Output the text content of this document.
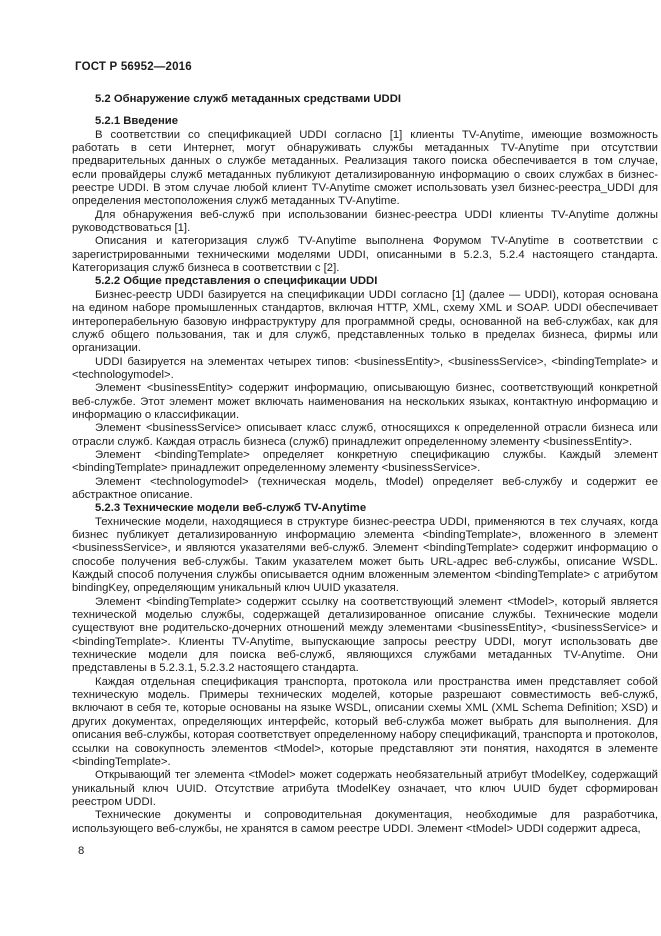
ГОСТ Р 56952—2016
5.2 Обнаружение служб метаданных средствами UDDI
5.2.1 Введение

В соответствии со спецификацией UDDI согласно [1] клиенты TV-Anytime, имеющие возможность работать в сети Интернет, могут обнаруживать службы метаданных TV-Anytime при отсутствии предварительных данных о службе метаданных. Реализация такого поиска обеспечивается в том случае, если провайдеры служб метаданных публикуют детализированную информацию о своих службах в бизнес-реестре UDDI. В этом случае любой клиент TV-Anytime сможет использовать узел бизнес-реестра_UDDI для определения местоположения служб метаданных TV-Anytime.

Для обнаружения веб-служб при использовании бизнес-реестра UDDI клиенты TV-Anytime должны руководствоваться [1].

Описания и категоризация служб TV-Anytime выполнена Форумом TV-Anytime в соответствии с зарегистрированными техническими моделями UDDI, описанными в 5.2.3, 5.2.4 настоящего стандарта. Категоризация служб бизнеса в соответствии с [2].

5.2.2 Общие представления о спецификации UDDI

Бизнес-реестр UDDI базируется на спецификации UDDI согласно [1] (далее — UDDI), которая основана на едином наборе промышленных стандартов, включая HTTP, XML, схему XML и SOAP. UDDI обеспечивает интероперабельную базовую инфраструктуру для программной среды, основанной на веб-службах, как для служб общего пользования, так и для служб, представленных только в пределах бизнеса, фирмы или организации.

UDDI базируется на элементах четырех типов: <businessEntity>, <businessService>, <bindingTemplate> и <technologymodel>.

Элемент <businessEntity> содержит информацию, описывающую бизнес, соответствующий конкретной веб-службе. Этот элемент может включать наименования на нескольких языках, контактную информацию и информацию о классификации.

Элемент <businessService> описывает класс служб, относящихся к определенной отрасли бизнеса или отрасли служб. Каждая отрасль бизнеса (служб) принадлежит определенному элементу <businessEntity>.

Элемент <bindingTemplate> определяет конкретную спецификацию службы. Каждый элемент <bindingTemplate> принадлежит определенному элементу <businessService>.

Элемент <technologymodel> (техническая модель, tModel) определяет веб-службу и содержит ее абстрактное описание.

5.2.3 Технические модели веб-служб TV-Anytime

Технические модели, находящиеся в структуре бизнес-реестра UDDI, применяются в тех случаях, когда бизнес публикует детализированную информацию элемента <bindingTemplate>, вложенного в элемент <businessService>, и являются указателями веб-служб. Элемент <bindingTemplate> содержит информацию о способе получения веб-службы. Таким указателем может быть URL-адрес веб-службы, описание WSDL. Каждый способ получения службы описывается одним вложенным элементом <bindingTemplate> с атрибутом bindingKey, определяющим уникальный ключ UUID указателя.

Элемент <bindingTemplate> содержит ссылку на соответствующий элемент <tModel>, который является технической моделью службы, содержащей детализированное описание службы. Технические модели существуют вне родительско-дочерних отношений между элементами <businessEntity>, <businessService> и <bindingTemplate>. Клиенты TV-Anytime, выпускающие запросы реестру UDDI, могут использовать две технические модели для поиска веб-служб, являющихся службами метаданных TV-Anytime. Они представлены в 5.2.3.1, 5.2.3.2 настоящего стандарта.

Каждая отдельная спецификация транспорта, протокола или пространства имен представляет собой техническую модель. Примеры технических моделей, которые разрешают совместимость веб-служб, включают в себя те, которые основаны на языке WSDL, описании схемы XML (XML Schema Definition; XSD) и других документах, определяющих интерфейс, который веб-служба может выбрать для выполнения. Для описания веб-службы, которая соответствует определенному набору спецификаций, транспорта и протоколов, ссылки на совокупность элементов <tModel>, которые представляют эти понятия, находятся в элементе <bindingTemplate>.

Открывающий тег элемента <tModel> может содержать необязательный атрибут tModelKey, содержащий уникальный ключ UUID. Отсутствие атрибута tModelKey означает, что ключ UUID будет сформирован реестром UDDI.

Технические документы и сопроводительная документация, необходимые для разработчика, использующего веб-службы, не хранятся в самом реестре UDDI. Элемент <tModel> UDDI содержит адреса,

8
